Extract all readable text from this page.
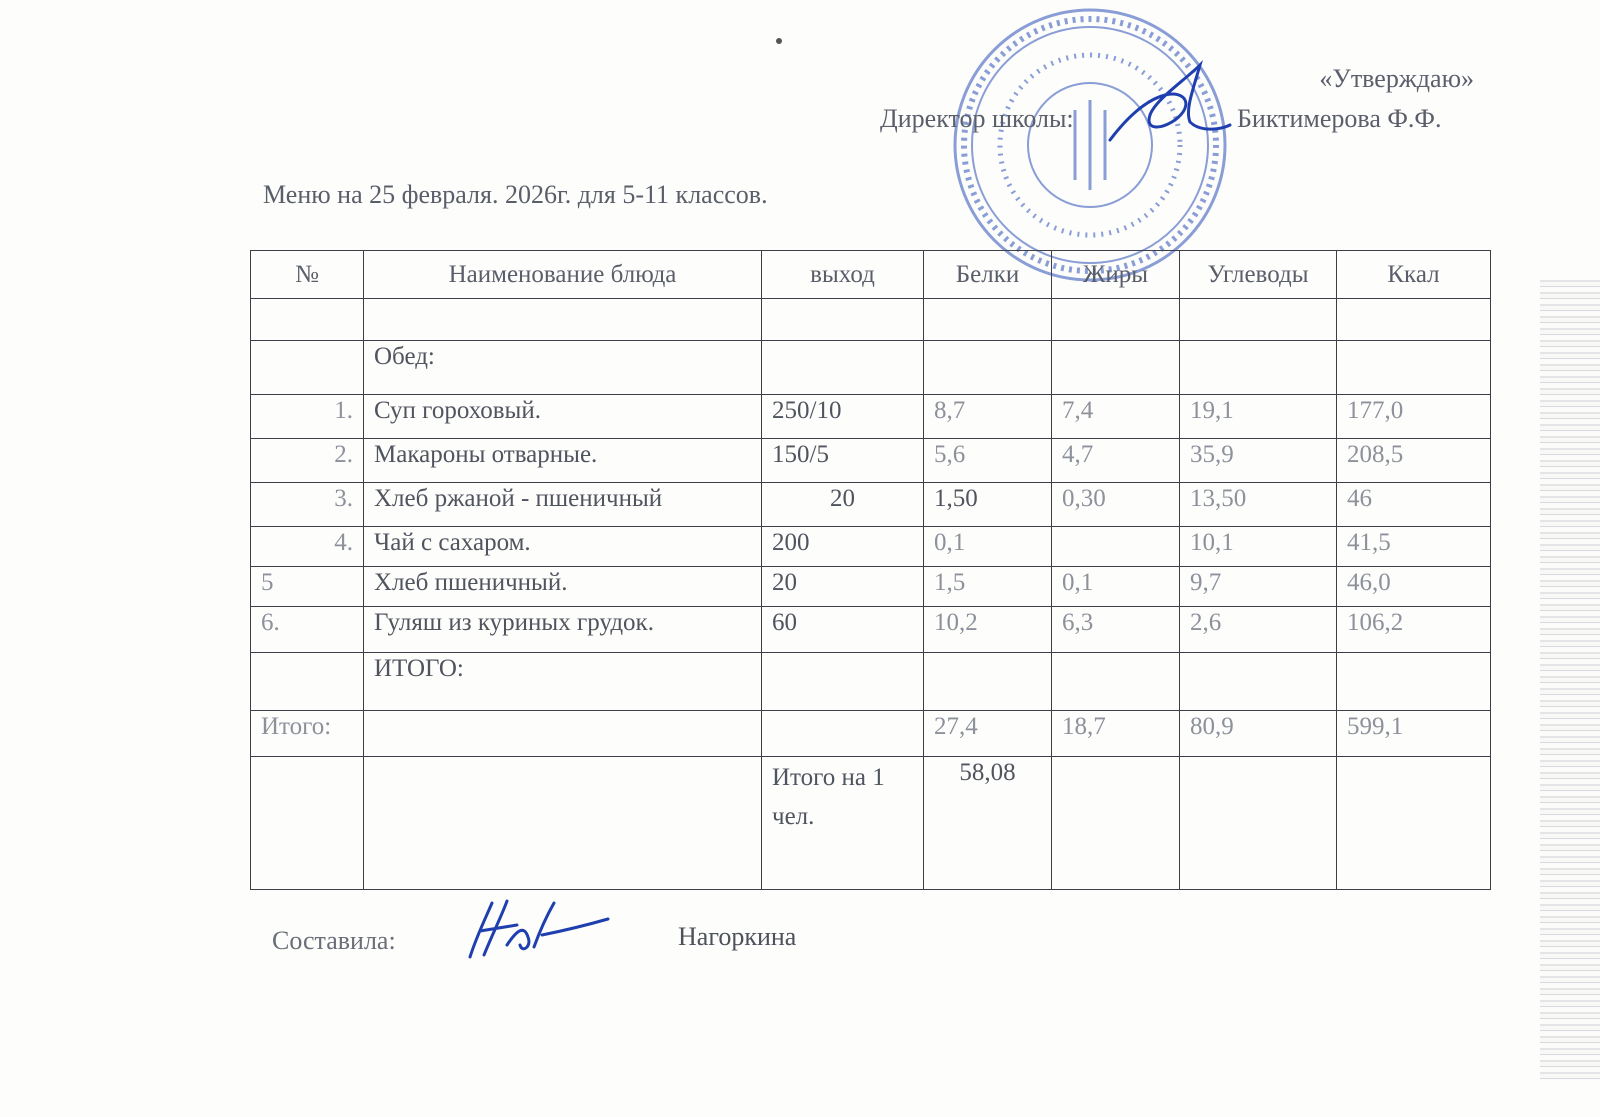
«Утверждаю»
Директор школы:	Биктимерова Ф.Ф.
Меню на 25 февраля. 2026г. для 5-11 классов.
№	Наименование блюда	выход	Белки	Жиры	Углеводы	Ккал

	Обед:					
1.	Суп гороховый.	250/10	8,7	7,4	19,1	177,0
2.	Макароны отварные.	150/5	5,6	4,7	35,9	208,5
3.	Хлеб ржаной - пшеничный	20	1,50	0,30	13,50	46
4.	Чай с сахаром.	200	0,1		10,1	41,5
5	Хлеб пшеничный.	20	1,5	0,1	9,7	46,0
6.	Гуляш из куриных грудок.	60	10,2	6,3	2,6	106,2
	ИТОГО:					
Итого:			27,4	18,7	80,9	599,1
		Итого на 1 чел.	58,08			
Составила:	Нагоркина
